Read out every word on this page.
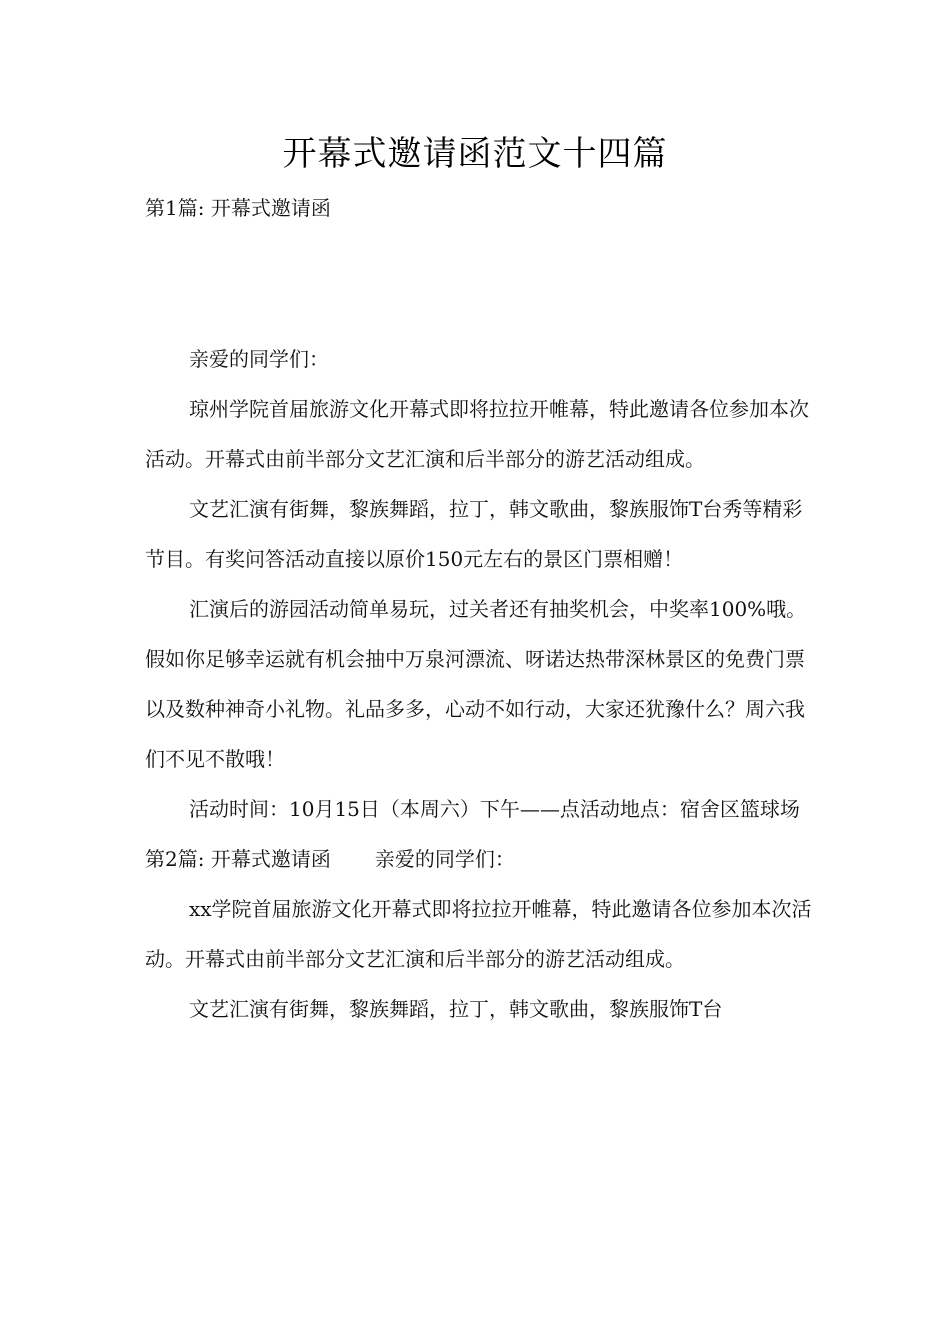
开幕式邀请函范文十四篇

第1篇: 开幕式邀请函

亲爱的同学们：

琼州学院首届旅游文化开幕式即将拉拉开帷幕，特此邀请各位参加本次活动。开幕式由前半部分文艺汇演和后半部分的游艺活动组成。

文艺汇演有街舞，黎族舞蹈，拉丁，韩文歌曲，黎族服饰T台秀等精彩节目。有奖问答活动直接以原价150元左右的景区门票相赠！

汇演后的游园活动简单易玩，过关者还有抽奖机会，中奖率100%哦。假如你足够幸运就有机会抽中万泉河漂流、呀诺达热带深林景区的免费门票以及数种神奇小礼物。礼品多多，心动不如行动，大家还犹豫什么？周六我们不见不散哦！

活动时间：10月15日（本周六）下午——点活动地点：宿舍区篮球场

第2篇: 开幕式邀请函 亲爱的同学们：

xx学院首届旅游文化开幕式即将拉拉开帷幕，特此邀请各位参加本次活动。开幕式由前半部分文艺汇演和后半部分的游艺活动组成。

文艺汇演有街舞，黎族舞蹈，拉丁，韩文歌曲，黎族服饰T台
